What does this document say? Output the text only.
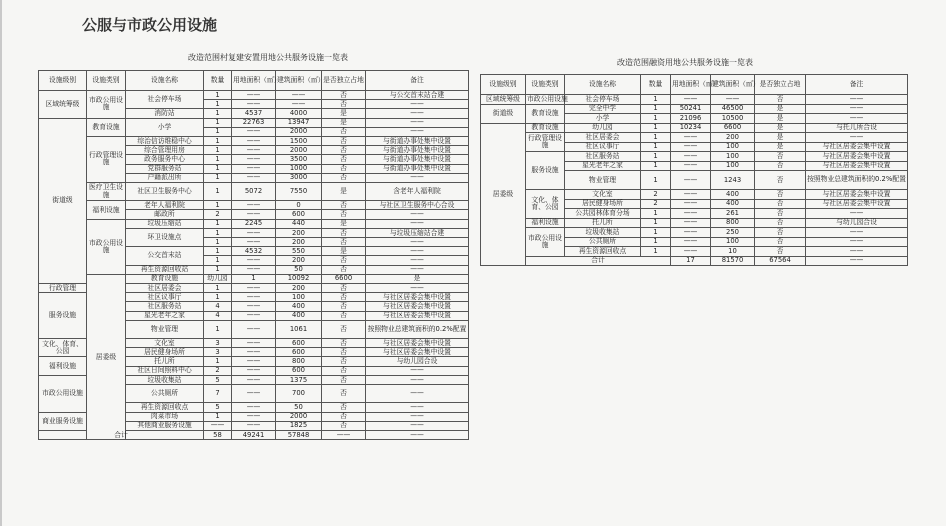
公服与市政公用设施
改造范围村复建安置用地公共服务设施一览表
设施级别	设施类别	设施名称	数量	用地面积（㎡）	建筑面积（㎡）	是否独立占地	备注	
区域统筹级	市政公用设施	社会停车场	1	——	——	否	与公交首末站合建	
			1	——	——	否	——	
		消防站	1	4537	4000	是	——	
街道级	教育设施	小学	1	22763	13947	是	——	
			1	——	2000	否	——	
	行政管理设施	综治信访维稳中心	1	——	1500	否	与街道办事处集中设置	
		综合管理用房	1	——	2000	否	与街道办事处集中设置	
		政务服务中心	1	——	3500	否	与街道办事处集中设置	
		党群服务站	1	——	1000	否	与街道办事处集中设置	
		户籍派出所	1	——	3000	否	——	
	医疗卫生设施	社区卫生服务中心	1	5072	7550	是	含老年人福利院	

	福利设施	老年人福利院	1	——	0	否	与社区卫生服务中心合设	
		邮政所	2	——	600	否	——	
	市政公用设施	垃圾压缩站	1	2245	440	是	——	
		环卫设施点	1	——	200	否	与垃圾压缩站合建	
			1	——	200	否	——	
		公交首末站	1	4532	550	是	——	
			1	——	200	否	——	
		再生资源回收站	1	——	50	否	——	
	居委级	教育设施	幼儿园	1	10092	6600	是	
行政管理		社区居委会	1	——	200	否	——	
服务设施		社区议事厅	1	——	100	否	与社区居委会集中设置	
		社区服务站	4	——	400	否	与社区居委会集中设置	
		星光老年之家	4	——	400	否	与社区居委会集中设置	
		物业管理	1	——	1061	否	按照物业总建筑面积的0.2%配置	

文化、体育、公园		文化室	3	——	600	否	与社区居委会集中设置	
		居民健身场所	3	——	600	否	与社区居委会集中设置	
福利设施		托儿所	1	——	800	否	与幼儿园合设	
		社区日间照料中心	2	——	600	否	——	
市政公用设施		垃圾收集站	5	——	1375	否	——	
		公共厕所	7	——	700	否	——	

		再生资源回收点	5	——	50	否	——	
商业服务设施		肉菜市场	1	——	2000	否	——	
		其他商业服务设施	——	——	1825	否	——	
合计			58	49241	57848	——	——	
改造范围融资用地公共服务设施一览表
设施级别	设施类别	设施名称	数量	用地面积（㎡）	建筑面积（㎡）	是否独立占地	备注	
区域统筹级	市政公用设施	社会停车场	1	——	——	否	——	
街道级	教育设施	完全中学	1	50241	46500	是	——	
		小学	1	21096	10500	是	——	
居委级	教育设施	幼儿园	1	10234	6600	是	与托儿所合设	
	行政管理设施	社区居委会	1	——	200	是	——	
		社区议事厅	1	——	100	是	与社区居委会集中设置	
	服务设施	社区服务站	1	——	100	否	与社区居委会集中设置	
		星光老年之家	1	——	100	否	与社区居委会集中设置	
		物业管理	1	——	1243	否	按照物业总建筑面积的0.2%配置	

	文化、体育、公园	文化室	2	——	400	否	与社区居委会集中设置	
		居民健身场所	2	——	400	否	与社区居委会集中设置	
		公共园林体育分场	1	——	261	否	——	
	福利设施	托儿所	1	——	800	否	与幼儿园合设	
	市政公用设施	垃圾收集站	1	——	250	否	——	
		公共厕所	1	——	100	否	——	
		再生资源回收点	1	——	10	否	——	
	合计			17	81570	67564	——	
